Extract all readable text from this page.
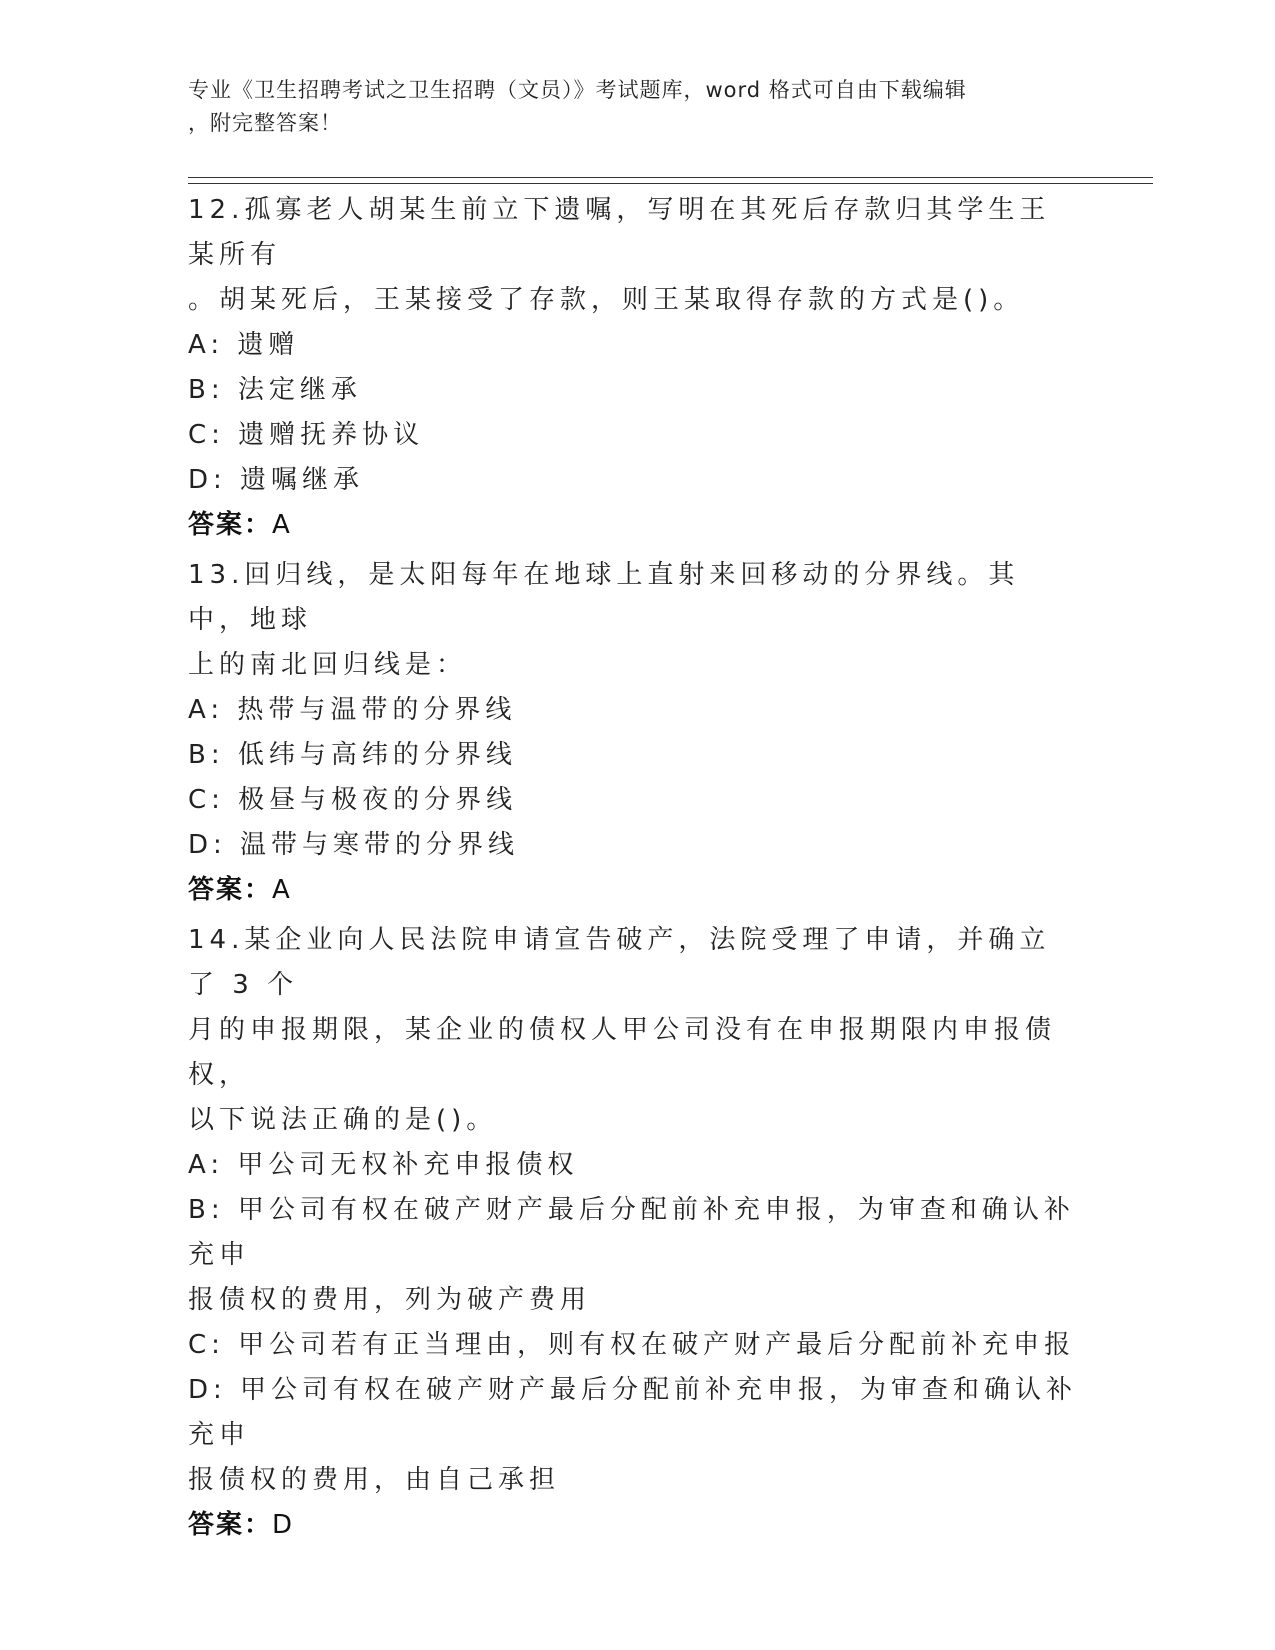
专业《卫生招聘考试之卫生招聘（文员）》考试题库，word 格式可自由下载编辑
，附完整答案！
12.孤寡老人胡某生前立下遗嘱，写明在其死后存款归其学生王某所有
。胡某死后，王某接受了存款，则王某取得存款的方式是()。
A: 遗赠
B: 法定继承
C: 遗赠抚养协议
D: 遗嘱继承
答案：A
13.回归线，是太阳每年在地球上直射来回移动的分界线。其中，地球
上的南北回归线是：
A: 热带与温带的分界线
B: 低纬与高纬的分界线
C: 极昼与极夜的分界线
D: 温带与寒带的分界线
答案：A
14.某企业向人民法院申请宣告破产，法院受理了申请，并确立了 3 个
月的申报期限，某企业的债权人甲公司没有在申报期限内申报债权，
以下说法正确的是()。
A: 甲公司无权补充申报债权
B: 甲公司有权在破产财产最后分配前补充申报，为审查和确认补充申
报债权的费用，列为破产费用
C: 甲公司若有正当理由，则有权在破产财产最后分配前补充申报
D: 甲公司有权在破产财产最后分配前补充申报，为审查和确认补充申
报债权的费用，由自己承担
答案：D
